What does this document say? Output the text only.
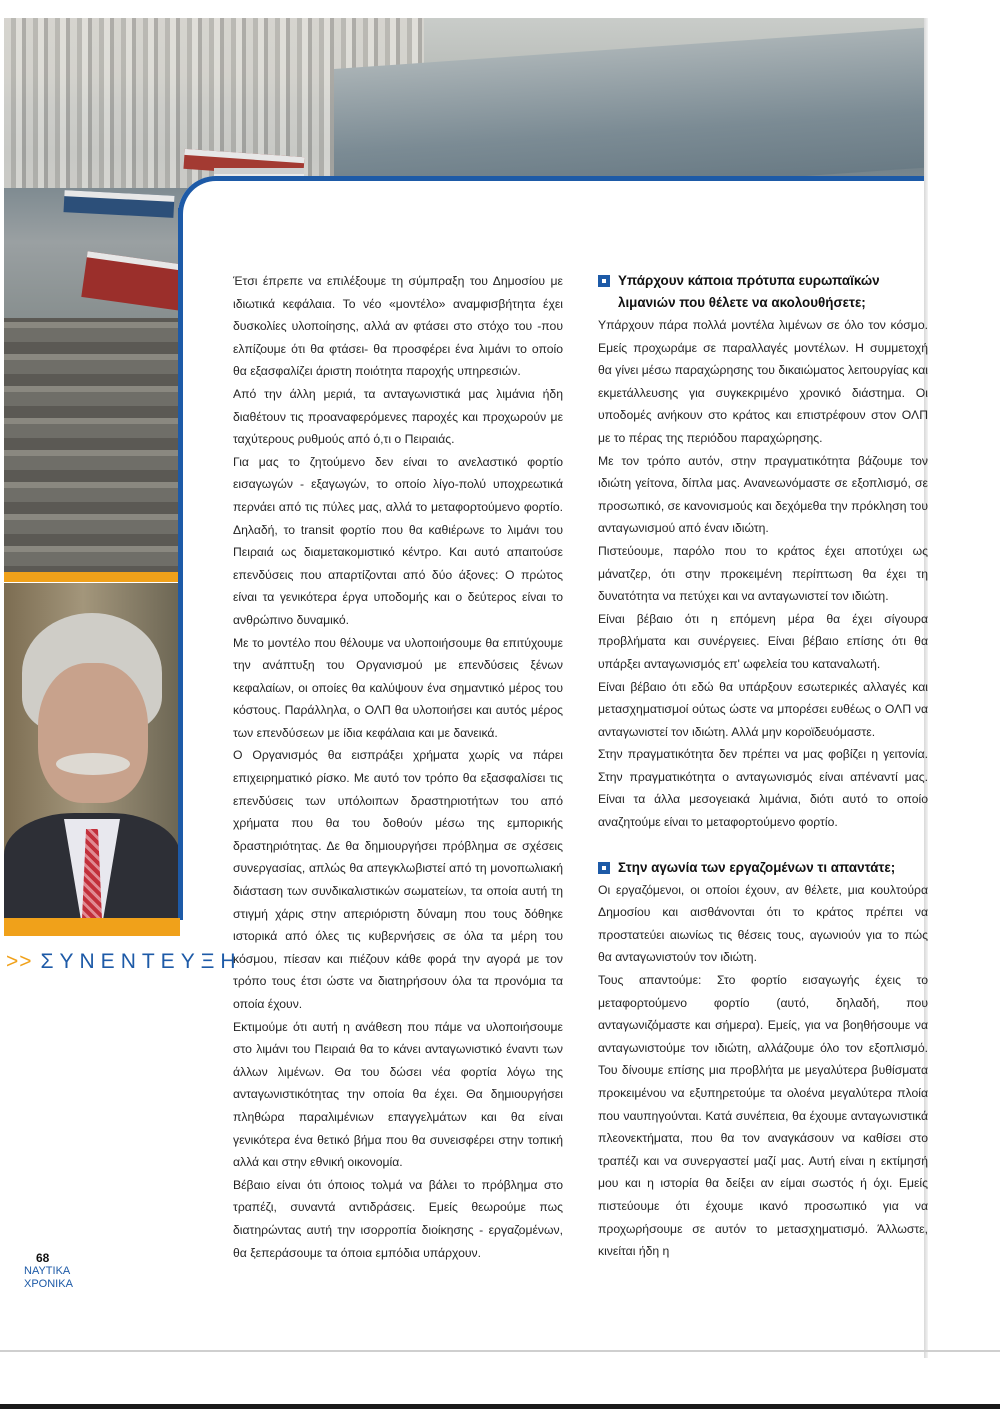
>> ΣΥΝΕΝΤΕΥΞΗ
68
ΝΑΥΤΙΚΑ
ΧΡΟΝΙΚΑ

Έτσι έπρεπε να επιλέξουμε τη σύμπραξη του Δημοσίου με ιδιωτικά κεφάλαια. Το νέο «μοντέλο» αναμφισβήτητα έχει δυσκολίες υλοποίησης, αλλά αν φτάσει στο στόχο του -που ελπίζουμε ότι θα φτάσει- θα προσφέρει ένα λιμάνι το οποίο θα εξασφαλίζει άριστη ποιότητα παροχής υπηρεσιών.

Από την άλλη μεριά, τα ανταγωνιστικά μας λιμάνια ήδη διαθέτουν τις προαναφερόμενες παροχές και προχωρούν με ταχύτερους ρυθμούς από ό,τι ο Πειραιάς.

Για μας το ζητούμενο δεν είναι το ανελαστικό φορτίο εισαγωγών - εξαγωγών, το οποίο λίγο-πολύ υποχρεωτικά περνάει από τις πύλες μας, αλλά το μεταφορτούμενο φορτίο. Δηλαδή, το transit φορτίο που θα καθιέρωνε το λιμάνι του Πειραιά ως διαμετακομιστικό κέντρο. Και αυτό απαιτούσε επενδύσεις που απαρτίζονται από δύο άξονες: Ο πρώτος είναι τα γενικότερα έργα υποδομής και ο δεύτερος είναι το ανθρώπινο δυναμικό.

Με το μοντέλο που θέλουμε να υλοποιήσουμε θα επιτύχουμε την ανάπτυξη του Οργανισμού με επενδύσεις ξένων κεφαλαίων, οι οποίες θα καλύψουν ένα σημαντικό μέρος του κόστους. Παράλληλα, ο ΟΛΠ θα υλοποιήσει και αυτός μέρος των επενδύσεων με ίδια κεφάλαια και με δανεικά.

Ο Οργανισμός θα εισπράξει χρήματα χωρίς να πάρει επιχειρηματικό ρίσκο. Με αυτό τον τρόπο θα εξασφαλίσει τις επενδύσεις των υπόλοιπων δραστηριοτήτων του από χρήματα που θα του δοθούν μέσω της εμπορικής δραστηριότητας. Δε θα δημιουργήσει πρόβλημα σε σχέσεις συνεργασίας, απλώς θα απεγκλωβιστεί από τη μονοπωλιακή διάσταση των συνδικαλιστικών σωματείων, τα οποία αυτή τη στιγμή χάρις στην απεριόριστη δύναμη που τους δόθηκε ιστορικά από όλες τις κυβερνήσεις σε όλα τα μέρη του κόσμου, πίεσαν και πιέζουν κάθε φορά την αγορά με τον τρόπο τους έτσι ώστε να διατηρήσουν όλα τα προνόμια τα οποία έχουν.

Εκτιμούμε ότι αυτή η ανάθεση που πάμε να υλοποιήσουμε στο λιμάνι του Πειραιά θα το κάνει ανταγωνιστικό έναντι των άλλων λιμένων. Θα του δώσει νέα φορτία λόγω της ανταγωνιστικότητας την οποία θα έχει. Θα δημιουργήσει πληθώρα παραλιμένιων επαγγελμάτων και θα είναι γενικότερα ένα θετικό βήμα που θα συνεισφέρει στην τοπική αλλά και στην εθνική οικονομία.

Βέβαιο είναι ότι όποιος τολμά να βάλει το πρόβλημα στο τραπέζι, συναντά αντιδράσεις. Εμείς θεωρούμε πως διατηρώντας αυτή την ισορροπία διοίκησης - εργαζομένων, θα ξεπεράσουμε τα όποια εμπόδια υπάρχουν.

Υπάρχουν κάποια πρότυπα ευρωπαϊκών λιμανιών που θέλετε να ακολουθήσετε;

Υπάρχουν πάρα πολλά μοντέλα λιμένων σε όλο τον κόσμο. Εμείς προχωράμε σε παραλλαγές μοντέλων. Η συμμετοχή θα γίνει μέσω παραχώρησης του δικαιώματος λειτουργίας και εκμετάλλευσης για συγκεκριμένο χρονικό διάστημα. Οι υποδομές ανήκουν στο κράτος και επιστρέφουν στον ΟΛΠ με το πέρας της περιόδου παραχώρησης.

Με τον τρόπο αυτόν, στην πραγματικότητα βάζουμε τον ιδιώτη γείτονα, δίπλα μας. Ανανεωνόμαστε σε εξοπλισμό, σε προσωπικό, σε κανονισμούς και δεχόμεθα την πρόκληση του ανταγωνισμού από έναν ιδιώτη.

Πιστεύουμε, παρόλο που το κράτος έχει αποτύχει ως μάνατζερ, ότι στην προκειμένη περίπτωση θα έχει τη δυνατότητα να πετύχει και να ανταγωνιστεί τον ιδιώτη.

Είναι βέβαιο ότι η επόμενη μέρα θα έχει σίγουρα προβλήματα και συνέργειες. Είναι βέβαιο επίσης ότι θα υπάρξει ανταγωνισμός επ' ωφελεία του καταναλωτή.

Είναι βέβαιο ότι εδώ θα υπάρξουν εσωτερικές αλλαγές και μετασχηματισμοί ούτως ώστε να μπορέσει ευθέως ο ΟΛΠ να ανταγωνιστεί τον ιδιώτη. Αλλά μην κοροϊδευόμαστε.

Στην πραγματικότητα δεν πρέπει να μας φοβίζει η γειτονία. Στην πραγματικότητα ο ανταγωνισμός είναι απέναντί μας. Είναι τα άλλα μεσογειακά λιμάνια, διότι αυτό το οποίο αναζητούμε είναι το μεταφορτούμενο φορτίο.

Στην αγωνία των εργαζομένων τι απαντάτε;

Οι εργαζόμενοι, οι οποίοι έχουν, αν θέλετε, μια κουλτούρα Δημοσίου και αισθάνονται ότι το κράτος πρέπει να προστατεύει αιωνίως τις θέσεις τους, αγωνιούν για το πώς θα ανταγωνιστούν τον ιδιώτη.

Τους απαντούμε: Στο φορτίο εισαγωγής έχεις το μεταφορτούμενο φορτίο (αυτό, δηλαδή, που ανταγωνιζόμαστε και σήμερα). Εμείς, για να βοηθήσουμε να ανταγωνιστούμε τον ιδιώτη, αλλάζουμε όλο τον εξοπλισμό. Του δίνουμε επίσης μια προβλήτα με μεγαλύτερα βυθίσματα προκειμένου να εξυπηρετούμε τα ολοένα μεγαλύτερα πλοία που ναυπηγούνται. Κατά συνέπεια, θα έχουμε ανταγωνιστικά πλεονεκτήματα, που θα τον αναγκάσουν να καθίσει στο τραπέζι και να συνεργαστεί μαζί μας. Αυτή είναι η εκτίμησή μου και η ιστορία θα δείξει αν είμαι σωστός ή όχι. Εμείς πιστεύουμε ότι έχουμε ικανό προσωπικό για να προχωρήσουμε σε αυτόν το μετασχηματισμό. Άλλωστε, κινείται ήδη η
